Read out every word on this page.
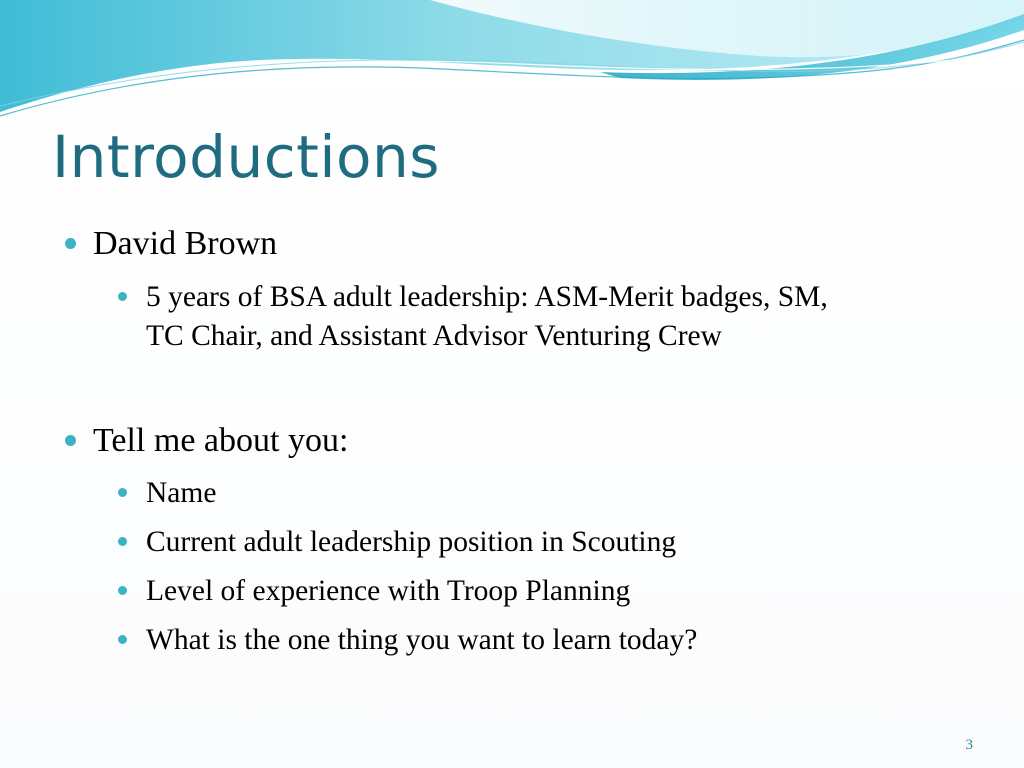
Introductions

David Brown

5 years of BSA adult leadership: ASM-Merit badges, SM,

TC Chair, and Assistant Advisor Venturing Crew

Tell me about you:

Name

Current adult leadership position in Scouting

Level of experience with Troop Planning

What is the one thing you want to learn today?

3
